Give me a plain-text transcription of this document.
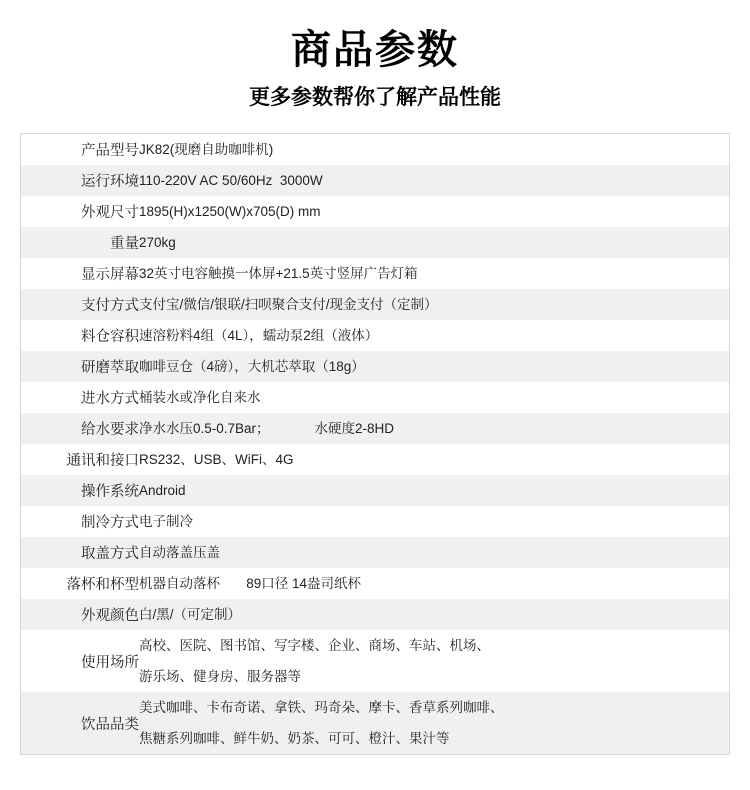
商品参数
更多参数帮你了解产品性能
产品型号	JK82(现磨自助咖啡机)

运行环境	110-220V AC 50/60Hz  3000W

外观尺寸	1895(H)x1250(W)x705(D) mm

重量	270kg

显示屏幕	32英寸电容触摸一体屏+21.5英寸竖屏广告灯箱

支付方式	支付宝/微信/银联/扫呗聚合支付/现金支付（定制）

料仓容积	速溶粉料4组（4L），蠕动泵2组（液体）

研磨萃取	咖啡豆仓（4磅），大机芯萃取（18g）

进水方式	桶装水或净化自来水

给水要求	净水水压0.5-0.7Bar；            水硬度2-8HD

通讯和接口	RS232、USB、WiFi、4G

操作系统	Android

制冷方式	电子制冷

取盖方式	自动落盖压盖

落杯和杯型	机器自动落杯       89口径 14盎司纸杯

外观颜色	白/黑/（可定制）

使用场所	高校、医院、图书馆、写字楼、企业、商场、车站、机场、
游乐场、健身房、服务器等

饮品品类	美式咖啡、卡布奇诺、拿铁、玛奇朵、摩卡、香草系列咖啡、
焦糖系列咖啡、鲜牛奶、奶茶、可可、橙汁、果汁等
